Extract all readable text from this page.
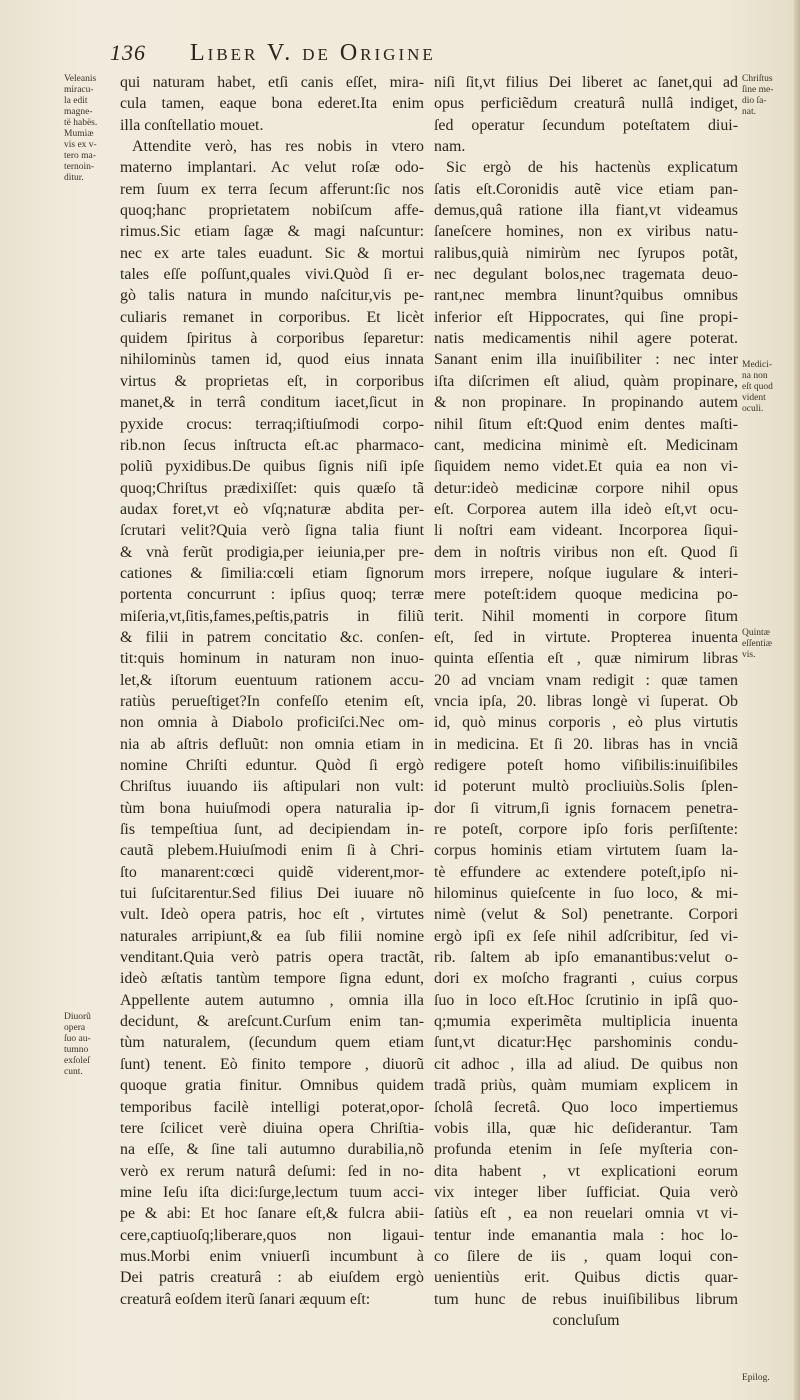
136 Liber V. de Origine
qui naturam habet, etſi canis eſſet, mira-
cula tamen, eaque bona ederet.Ita enim
illa conſtellatio mouet.
Attendite verò, has res nobis in vtero
materno implantari. Ac velut roſæ odo-
rem ſuum ex terra ſecum afferunt:ſic nos
quoq;hanc proprietatem nobiſcum affe-
rimus.Sic etiam ſagæ & magi naſcuntur:
nec ex arte tales euadunt. Sic & mortui
tales eſſe poſſunt,quales vivi.Quòd ſi er-
gò talis natura in mundo naſcitur,vis pe-
culiaris remanet in corporibus. Et licèt
quidem ſpiritus à corporibus ſeparetur:
nihilominùs tamen id, quod eius innata
virtus & proprietas eſt, in corporibus
manet,& in terrâ conditum iacet,ſicut in
pyxide crocus: terraq;iſtiuſmodi corpo-
rib.non ſecus inſtructa eſt.ac pharmaco-
poliũ pyxidibus.De quibus ſignis niſi ipſe
quoq;Chriſtus prædixiſſet: quis quæſo tã
audax foret,vt eò vſq;naturæ abdita per-
ſcrutari velit?Quia verò ſigna talia fiunt
& vnà ferũt prodigia,per ieiunia,per pre-
cationes & ſimilia:cœli etiam ſignorum
portenta concurrunt : ipſius quoq; terræ
miſeria,vt,ſitis,fames,peſtis,patris in filiũ
& filii in patrem concitatio &c. conſen-
tit:quis hominum in naturam non inuo-
let,& iſtorum euentuum rationem accu-
ratiùs perueſtiget?In confeſſo etenim eſt,
non omnia à Diabolo proficiſci.Nec om-
nia ab aſtris defluũt: non omnia etiam in
nomine Chriſti eduntur. Quòd ſi ergò
Chriſtus iuuando iis aſtipulari non vult:
tùm bona huiuſmodi opera naturalia ip-
ſis tempeſtiua ſunt, ad decipiendam in-
cautã plebem.Huiuſmodi enim ſi à Chri-
ſto manarent:cœci quidẽ viderent,mor-
tui ſuſcitarentur.Sed filius Dei iuuare nõ
vult. Ideò opera patris, hoc eſt , virtutes
naturales arripiunt,& ea ſub filii nomine
venditant.Quia verò patris opera tractãt,
ideò æſtatis tantùm tempore ſigna edunt,
Appellente autem autumno , omnia illa
decidunt, & areſcunt.Curſum enim tan-
tùm naturalem, (ſecundum quem etiam
ſunt) tenent. Eò finito tempore , diuorũ
quoque gratia finitur. Omnibus quidem
temporibus facilè intelligi poterat,opor-
tere ſcilicet verè diuina opera Chriſtia-
na eſſe, & ſine tali autumno durabilia,nõ
verò ex rerum naturâ deſumi: ſed in no-
mine Ieſu iſta dici:ſurge,lectum tuum acci-
pe & abi: Et hoc ſanare eſt,& fulcra abii-
cere,captiuoſq;liberare,quos non ligaui-
mus.Morbi enim vniuerſi incumbunt à
Dei patris creaturâ : ab eiuſdem ergò
creaturâ eoſdem iterũ ſanari æquum eſt:
niſi ſit,vt filius Dei liberet ac ſanet,qui ad
opus perficiẽdum creaturâ nullâ indiget,
ſed operatur ſecundum poteſtatem diui-
nam.
Sic ergò de his hactenùs explicatum
ſatis eſt.Coronidis autẽ vice etiam pan-
demus,quâ ratione illa fiant,vt videamus
ſaneſcere homines, non ex viribus natu-
ralibus,quià nimirùm nec ſyrupos potãt,
nec degulant bolos,nec tragemata deuo-
rant,nec membra linunt?quibus omnibus
inferior eſt Hippocrates, qui ſine propi-
natis medicamentis nihil agere poterat.
Sanant enim illa inuiſibiliter : nec inter
iſta diſcrimen eſt aliud, quàm propinare,
& non propinare. In propinando autem
nihil ſitum eſt:Quod enim dentes maſti-
cant, medicina minimè eſt. Medicinam
ſiquidem nemo videt.Et quia ea non vi-
detur:ideò medicinæ corpore nihil opus
eſt. Corporea autem illa ideò eſt,vt ocu-
li noſtri eam videant. Incorporea ſiqui-
dem in noſtris viribus non eſt. Quod ſi
mors irrepere, noſque iugulare & interi-
mere poteſt:idem quoque medicina po-
terit. Nihil momenti in corpore ſitum
eſt, ſed in virtute. Propterea inuenta
quinta eſſentia eſt , quæ nimirum libras
20 ad vnciam vnam redigit : quæ tamen
vncia ipſa, 20. libras longè vi ſuperat. Ob
id, quò minus corporis , eò plus virtutis
in medicina. Et ſi 20. libras has in vnciã
redigere poteſt homo viſibilis:inuiſibiles
id poterunt multò procliuiùs.Solis ſplen-
dor ſi vitrum,ſi ignis fornacem penetra-
re poteſt, corpore ipſo foris perſiſtente:
corpus hominis etiam virtutem ſuam la-
tè effundere ac extendere poteſt,ipſo ni-
hilominus quieſcente in ſuo loco, & mi-
nimè (velut & Sol) penetrante. Corpori
ergò ipſi ex ſeſe nihil adſcribitur, ſed vi-
rib. ſaltem ab ipſo emanantibus:velut o-
dori ex moſcho fragranti , cuius corpus
ſuo in loco eſt.Hoc ſcrutinio in ipſâ quo-
q;mumia experimẽta multiplicia inuenta
ſunt,vt dicatur:Hęc parshominis condu-
cit adhoc , illa ad aliud. De quibus non
tradã priùs, quàm mumiam explicem in
ſcholâ ſecretâ. Quo loco impertiemus
vobis illa, quæ hic deſiderantur. Tam
profunda etenim in ſeſe myſteria con-
dita habent , vt explicationi eorum
vix integer liber ſufficiat. Quia verò
ſatiùs eſt , ea non reuelari omnia vt vi-
tentur inde emanantia mala : hoc lo-
co ſilere de iis , quam loqui con-
uenientiùs erit. Quibus dictis quar-
tum hunc de rebus inuiſibilibus librum
concluſum
Veleanis
miracu-
la edit
magne-
të habës.
Mumiæ
vis ex v-
tero ma-
ternoin-
ditur.
Diuorũ
opera
ſuo au-
tumno
exſoleſ
cunt.
Chriſtus
ſine me-
dio ſa-
nat.
Medici-
na non
eſt quod
vident
oculi.
Quintæ
eſſentiæ
vis.
Epilog.
